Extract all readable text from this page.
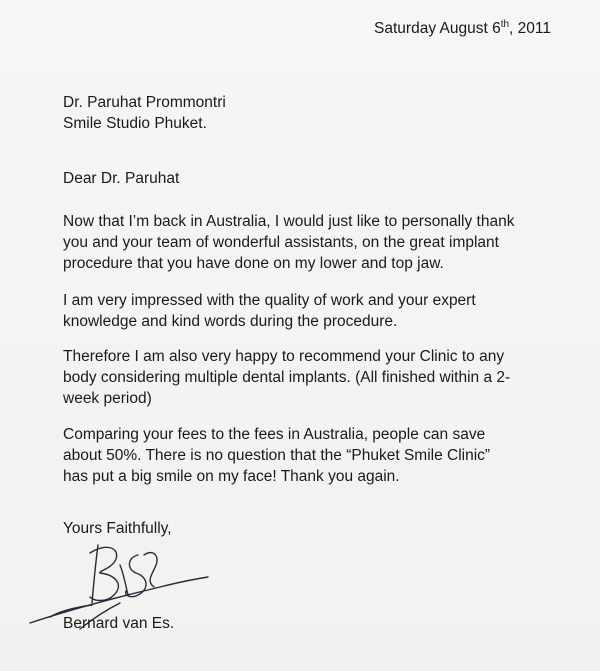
Saturday August 6th, 2011
Dr. Paruhat Prommontri
Smile Studio Phuket.
Dear Dr. Paruhat
Now that I’m back in Australia, I would just like to personally thank
you and your team of wonderful assistants, on the great implant
procedure that you have done on my lower and top jaw.
I am very impressed with the quality of work and your expert
knowledge and kind words during the procedure.
Therefore I am also very happy to recommend your Clinic to any
body considering multiple dental implants. (All finished within a 2-
week period)
Comparing your fees to the fees in Australia, people can save
about 50%. There is no question that the “Phuket Smile Clinic”
has put a big smile on my face! Thank you again.
Yours Faithfully,
Bernard van Es.
